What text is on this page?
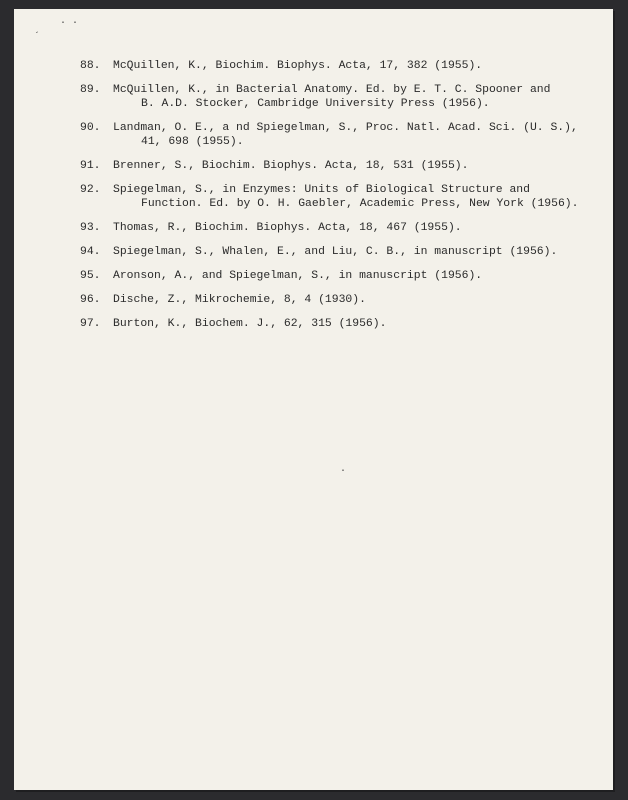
· ·
´
·
88.	McQuillen, K., Biochim. Biophys. Acta, 17, 382 (1955).
89.	McQuillen, K., in Bacterial Anatomy. Ed. by E. T. C. Spooner and
B. A.D. Stocker, Cambridge University Press (1956).
90.	Landman, O. E., a nd Spiegelman, S., Proc. Natl. Acad. Sci. (U. S.),
41, 698 (1955).
91.	Brenner, S., Biochim. Biophys. Acta, 18, 531 (1955).
92.	Spiegelman, S., in Enzymes: Units of Biological Structure and
Function. Ed. by O. H. Gaebler, Academic Press, New York (1956).
93.	Thomas, R., Biochim. Biophys. Acta, 18, 467 (1955).
94.	Spiegelman, S., Whalen, E., and Liu, C. B., in manuscript (1956).
95.	Aronson, A., and Spiegelman, S., in manuscript (1956).
96.	Dische, Z., Mikrochemie, 8, 4 (1930).
97.	Burton, K., Biochem. J., 62, 315 (1956).
